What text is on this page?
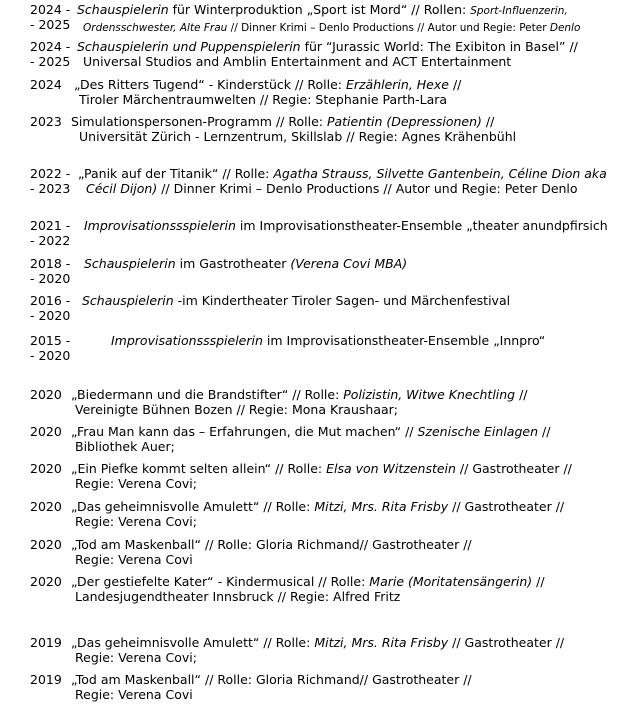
2024 -
- 2025
Schauspielerin für Winterproduktion „Sport ist Mord“ // Rollen: Sport-Influenzerin,
Ordensschwester, Alte Frau // Dinner Krimi – Denlo Productions // Autor und Regie: Peter Denlo
2024 -
- 2025
Schauspielerin und Puppenspielerin für “Jurassic World: The Exibiton in Basel” //
Universal Studios and Amblin Entertainment and ACT Entertainment
2024 „Des Ritters Tugend“ - Kinderstück // Rolle: Erzählerin, Hexe //
Tiroler Märchentraumwelten // Regie: Stephanie Parth-Lara
2023 Simulationspersonen-Programm // Rolle: Patientin (Depressionen) //
Universität Zürich - Lernzentrum, Skillslab // Regie: Agnes Krähenbühl
2022 -
- 2023
„Panik auf der Titanik“ // Rolle: Agatha Strauss, Silvette Gantenbein, Céline Dion aka
Cécil Dijon) // Dinner Krimi – Denlo Productions // Autor und Regie: Peter Denlo
2021 -
- 2022
Improvisationssspielerin im Improvisationstheater-Ensemble „theater anundpfirsich
2018 -
- 2020
Schauspielerin im Gastrotheater (Verena Covi MBA)
2016 -
- 2020
Schauspielerin -im Kindertheater Tiroler Sagen- und Märchenfestival
2015 -
- 2020
Improvisationssspielerin im Improvisationstheater-Ensemble „Innpro“
2020 „Biedermann und die Brandstifter“ // Rolle: Polizistin, Witwe Knechtling //
Vereinigte Bühnen Bozen // Regie: Mona Kraushaar;
2020 „Frau Man kann das – Erfahrungen, die Mut machen“ // Szenische Einlagen //
Bibliothek Auer;
2020 „Ein Piefke kommt selten allein“ // Rolle: Elsa von Witzenstein // Gastrotheater //
Regie: Verena Covi;
2020 „Das geheimnisvolle Amulett“ // Rolle: Mitzi, Mrs. Rita Frisby // Gastrotheater //
Regie: Verena Covi;
2020 „Tod am Maskenball“ // Rolle: Gloria Richmand// Gastrotheater //
Regie: Verena Covi
2020 „Der gestiefelte Kater“ - Kindermusical // Rolle: Marie (Moritatensängerin) //
Landesjugendtheater Innsbruck // Regie: Alfred Fritz
2019 „Das geheimnisvolle Amulett“ // Rolle: Mitzi, Mrs. Rita Frisby // Gastrotheater //
Regie: Verena Covi;
2019 „Tod am Maskenball“ // Rolle: Gloria Richmand// Gastrotheater //
Regie: Verena Covi
